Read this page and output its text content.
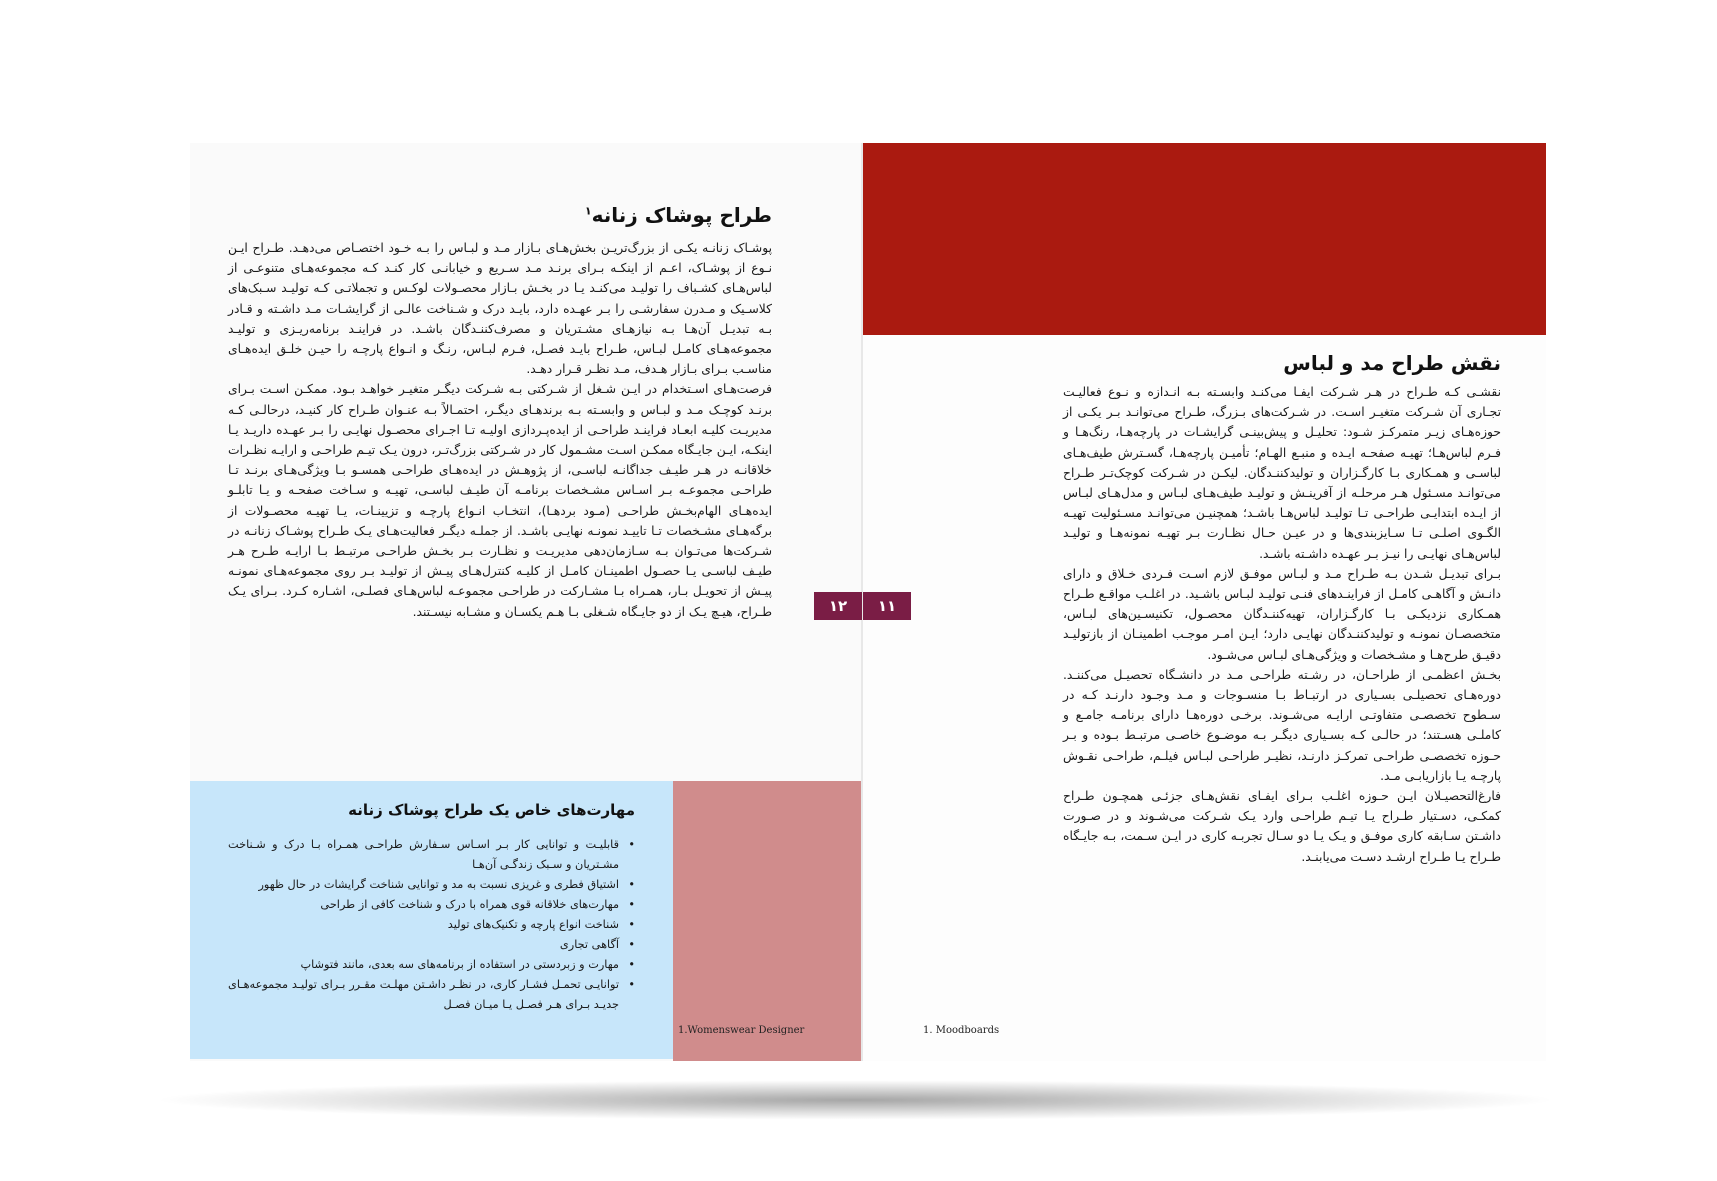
طراح پوشاک زنانه$^۱$

پوشـاک زنانـه یکـی از بزرگ‌تریـن بخش‌هـای بـازار مـد و لبـاس را بـه خـود اختصـاص می‌دهـد. طـراح ایـن نـوع از پوشـاک، اعـم از اینکـه بـرای برنـد مـد سـریع و خیابانـی کار کنـد کـه مجموعه‌هـای متنوعـی از لباس‌هـای کشـباف را تولیـد می‌کنـد یـا در بخـش بـازار محصـولات لوکـس و تجملاتـی کـه تولیـد سـبک‌های کلاسـیک و مـدرن سفارشـی را بـر عهـده دارد، بایـد درک و شـناخت عالـی از گرایشـات مـد داشـته و قـادر بـه تبدیـل آن‌هـا بـه نیازهـای مشـتریان و مصرف‌کننـدگان باشـد. در فراینـد برنامه‌ریـزی و تولیـد مجموعه‌هـای کامـل لبـاس، طـراح بایـد فصـل، فـرم لبـاس، رنـگ و انـواع پارچـه را حیـن خلـق ایده‌هـای مناسـب بـرای بـازار هـدف، مـد نظـر قـرار دهـد.

فرصت‌هـای اسـتخدام در ایـن شـغل از شـرکتی بـه شـرکت دیگـر متغیـر خواهـد بـود. ممکـن اسـت بـرای برنـد کوچـک مـد و لبـاس و وابسـته بـه برندهـای دیگـر، احتمـالاً بـه عنـوان طـراح کار کنیـد، درحالـی کـه مدیریـت کلیـه ابعـاد فراینـد طراحـی از ایده‌پـردازی اولیـه تـا اجـرای محصـول نهایـی را بـر عهـده داریـد یـا اینکـه، ایـن جایـگاه ممکـن اسـت مشـمول کار در شـرکتی بزرگ‌تـر، درون یـک تیـم طراحـی و ارایـه نظـرات خلاقانـه در هـر طیـف جداگانـه لباسـی، از پژوهـش در ایده‌هـای طراحـی همسـو بـا ویژگی‌هـای برنـد تـا طراحـی مجموعـه بـر اسـاس مشـخصات برنامـه آن طیـف لباسـی، تهیـه و سـاخت صفحـه و یـا تابلـو ایده‌هـای الهام‌بخـش طراحـی (مـود بردهـا)، انتخـاب انـواع پارچـه و تزیینـات، یـا تهیـه محصـولات از برگه‌هـای مشـخصات تـا تاییـد نمونـه نهایـی باشـد. از جملـه دیگـر فعالیت‌هـای یـک طـراح پوشـاک زنانـه در شـرکت‌ها می‌تـوان بـه سـازمان‌دهی مدیریـت و نظـارت بـر بخـش طراحـی مرتبـط بـا ارایـه طـرح هـر طیـف لباسـی یـا حصـول اطمینـان کامـل از کلیـه کنترل‌هـای پیـش از تولیـد بـر روی مجموعه‌هـای نمونـه پیـش از تحویـل بـار، همـراه بـا مشـارکت در طراحـی مجموعـه لباس‌هـای فصلـی، اشـاره کـرد. بـرای یـک طـراح، هیـچ یـک از دو جایـگاه شـغلی بـا هـم یکسـان و مشـابه نیسـتند.

مهارت‌های خاص یک طراح پوشاک زنانه
• قابلیـت و توانایی کار بـر اسـاس سـفارش طراحـی همـراه بـا درک و شـناخت مشـتریان و سـبک زندگـی آن‌هـا
• اشتیاق فطری و غریزی نسبت به مد و توانایی شناخت گرایشات در حال ظهور
• مهارت‌های خلاقانه قوی همراه با درک و شناخت کافی از طراحی
• شناخت انواع پارچه و تکنیک‌های تولید
• آگاهی تجاری
• مهارت و زبردستی در استفاده از برنامه‌های سه بعدی، مانند فتوشاپ
• توانایـی تحمـل فشـار کاری، در نظـر داشـتن مهلـت مقـرر بـرای تولیـد مجموعه‌هـای جدیـد بـرای هـر فصـل یـا میـان فصـل
1.Womenswear Designer
نقش طراح مد و لباس

نقشـی کـه طـراح در هـر شـرکت ایفـا می‌کنـد وابسـته بـه انـدازه و نـوع فعالیـت تجـاری آن شـرکت متغیـر اسـت. در شـرکت‌های بـزرگ، طـراح می‌توانـد بـر یکـی از حوزه‌هـای زیـر متمرکـز شـود: تحلیـل و پیش‌بینـی گرایشـات در پارچه‌هـا، رنگ‌هـا و فـرم لباس‌هـا؛ تهیـه صفحـه ایـده و منبـع الهـام؛ تأمیـن پارچه‌هـا، گسـترش طیف‌هـای لباسـی و همـکاری بـا کارگـزاران و تولیدکننـدگان. لیکـن در شـرکت کوچک‌تـر طـراح می‌توانـد مسـئول هـر مرحلـه از آفرینـش و تولیـد طیف‌هـای لبـاس و مدل‌هـای لبـاس از ایـده ابتدایـی طراحـی تـا تولیـد لباس‌هـا باشـد؛ همچنیـن می‌توانـد مسـئولیت تهیـه الگـوی اصلـی تـا سـایزبندی‌ها و در عیـن حـال نظـارت بـر تهیـه نمونه‌هـا و تولیـد لباس‌هـای نهایـی را نیـز بـر عهـده داشـته باشـد.

بـرای تبدیـل شـدن بـه طـراح مـد و لبـاس موفـق لازم اسـت فـردی خـلاق و دارای دانـش و آگاهـی کامـل از فراینـد‌های فنـی تولیـد لبـاس باشـید. در اغلـب مواقـع طـراح همـکاری نزدیکـی بـا کارگـزاران، تهیه‌کننـدگان محصـول، تکنیسـین‌های لبـاس، متخصصـان نمونـه و تولیدکننـدگان نهایـی دارد؛ ایـن امـر موجـب اطمینـان از بازتولیـد دقیـق طرح‌هـا و مشـخصات و ویژگی‌هـای لبـاس می‌شـود.

بخـش اعظمـی از طراحـان، در رشـته طراحـی مـد در دانشـگاه تحصیـل می‌کننـد. دوره‌هـای تحصیلـی بسـیاری در ارتبـاط بـا منسـوجات و مـد وجـود دارنـد کـه در سـطوح تخصصـی متفاوتـی ارایـه می‌شـوند. برخـی دوره‌هـا دارای برنامـه جامـع و کاملـی هسـتند؛ در حالـی کـه بسـیاری دیگـر بـه موضـوع خاصـی مرتبـط بـوده و بـر حـوزه تخصصـی طراحـی تمرکـز دارنـد، نظیـر طراحـی لبـاس فیلـم، طراحـی نقـوش پارچـه یـا بازاریابـی مـد.

فارغ‌التحصیـلان ایـن حـوزه اغلـب بـرای ایفـای نقش‌هـای جزئـی همچـون طـراح کمکـی، دسـتیار طـراح یـا تیـم طراحـی وارد یـک شـرکت می‌شـوند و در صـورت داشـتن سـابقه کاری موفـق و یـک یـا دو سـال تجربـه کاری در ایـن سـمت، بـه جایـگاه طـراح یـا طـراح ارشـد دسـت می‌یابنـد.

1. Moodboards
۱۲	۱۱
